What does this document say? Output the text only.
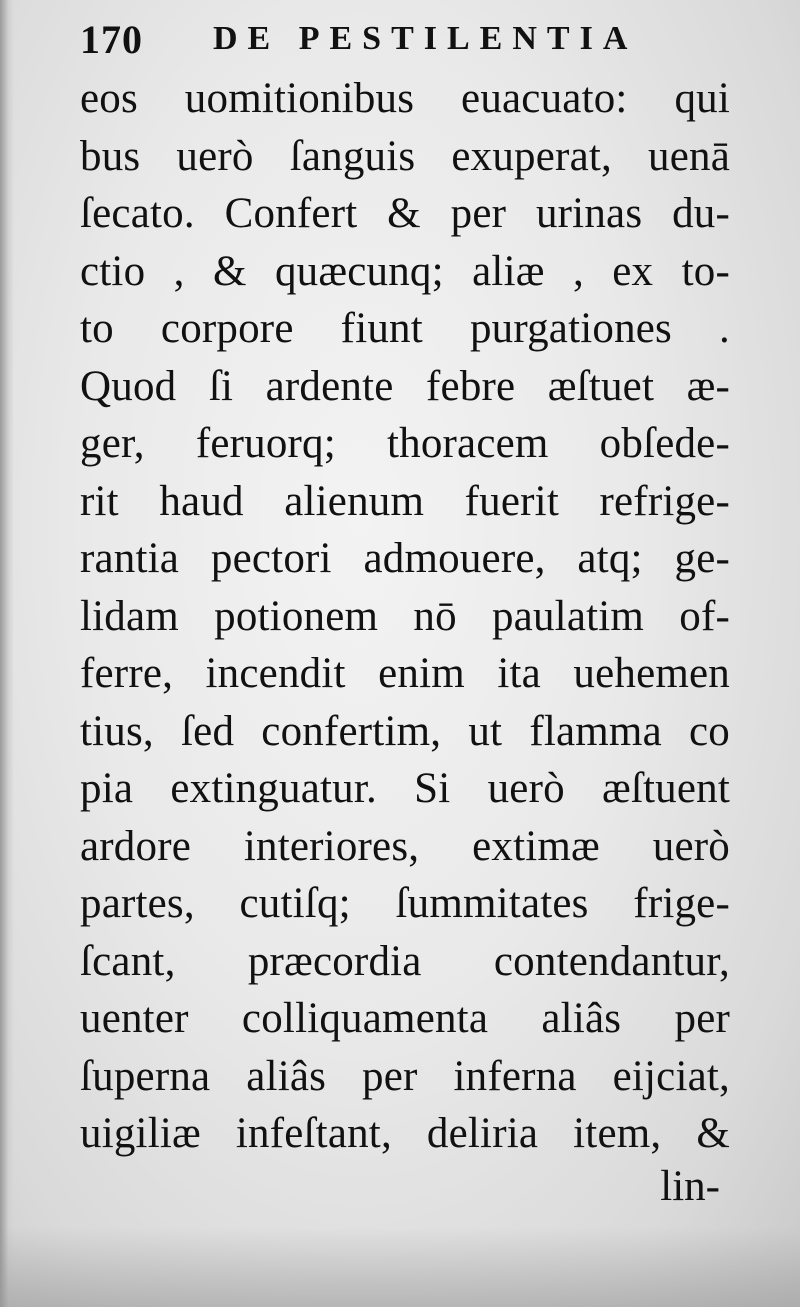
170 DE PESTILENTIA
eos uomitionibus euacuato: qui
bus uerò ſanguis exuperat, uenā
ſecato. Confert & per urinas du-
ctio , & quæcunq; aliæ , ex to-
to corpore fiunt purgationes .
Quod ſi ardente febre æſtuet æ-
ger, feruorq; thoracem obſede-
rit haud alienum fuerit refrige-
rantia pectori admouere, atq; ge-
lidam potionem nō paulatim of-
ferre, incendit enim ita uehemen
tius, ſed confertim, ut flamma co
pia extinguatur. Si uerò æſtuent
ardore interiores, extimæ uerò
partes, cutiſq; ſummitates frige-
ſcant, præcordia contendantur,
uenter colliquamenta aliâs per
ſuperna aliâs per inferna eijciat,
uigiliæ infeſtant, deliria item, &
lin-
